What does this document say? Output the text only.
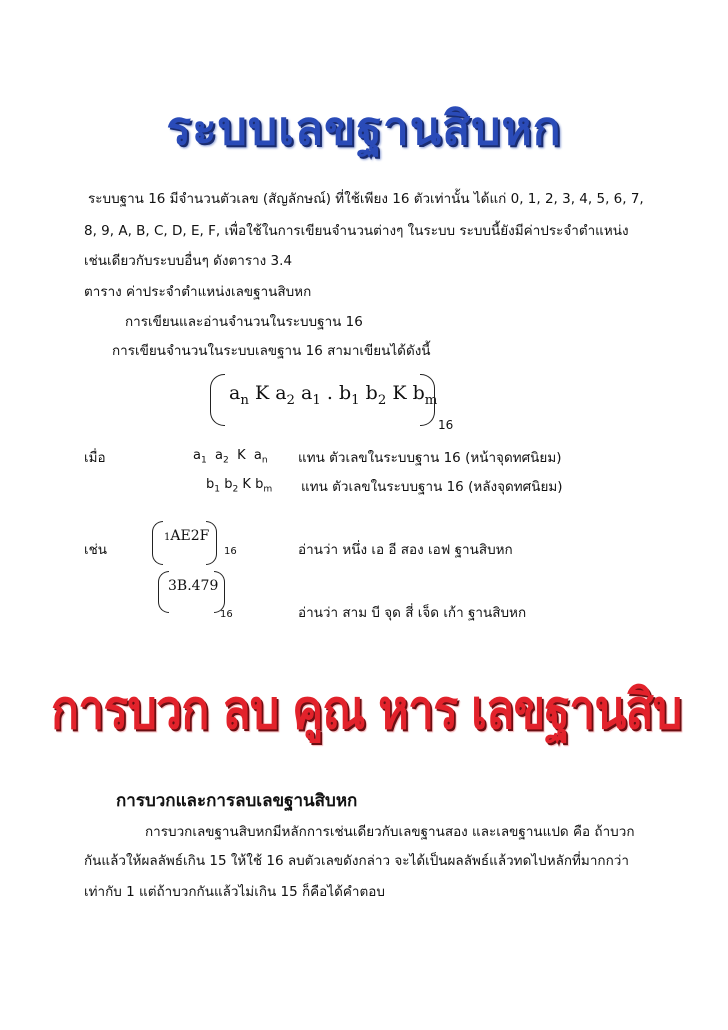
ระบบเลขฐานสิบหก
ระบบฐาน 16 มีจำนวนตัวเลข (สัญลักษณ์) ที่ใช้เพียง 16 ตัวเท่านั้น ได้แก่ 0, 1, 2, 3, 4, 5, 6, 7,
8, 9, A, B, C, D, E, F, เพื่อใช้ในการเขียนจำนวนต่างๆ ในระบบ ระบบนี้ยังมีค่าประจำตำแหน่ง
เช่นเดียวกับระบบอื่นๆ ดังตาราง 3.4
ตาราง ค่าประจำตำแหน่งเลขฐานสิบหก
การเขียนและอ่านจำนวนในระบบฐาน 16
การเขียนจำนวนในระบบเลขฐาน 16 สามาเขียนได้ดังนี้
$a_n$ K $a_2$ $a_1$ . $b_1$ $b_2$ K $b_m$
16
เมื่อ	$a_1$ $a_2$ K $a_n$ แทน ตัวเลขในระบบฐาน 16 (หน้าจุดทศนิยม)
$b_1$ $b_2$ K $b_m$ แทน ตัวเลขในระบบฐาน 16 (หลังจุดทศนิยม)
เช่น
1AE2F
16	อ่านว่า หนึ่ง เอ อี สอง เอฟ ฐานสิบหก
3B.479
16	อ่านว่า สาม บี จุด สี่ เจ็ด เก้า ฐานสิบหก
การบวก ลบ คูณ หาร เลขฐานสิบ
การบวกและการลบเลขฐานสิบหก
การบวกเลขฐานสิบหกมีหลักการเช่นเดียวกับเลขฐานสอง และเลขฐานแปด คือ ถ้าบวก
กันแล้วให้ผลลัพธ์เกิน 15 ให้ใช้ 16 ลบตัวเลขดังกล่าว จะได้เป็นผลลัพธ์แล้วทดไปหลักที่มากกว่า
เท่ากับ 1 แต่ถ้าบวกกันแล้วไม่เกิน 15 ก็คือได้คำตอบ
